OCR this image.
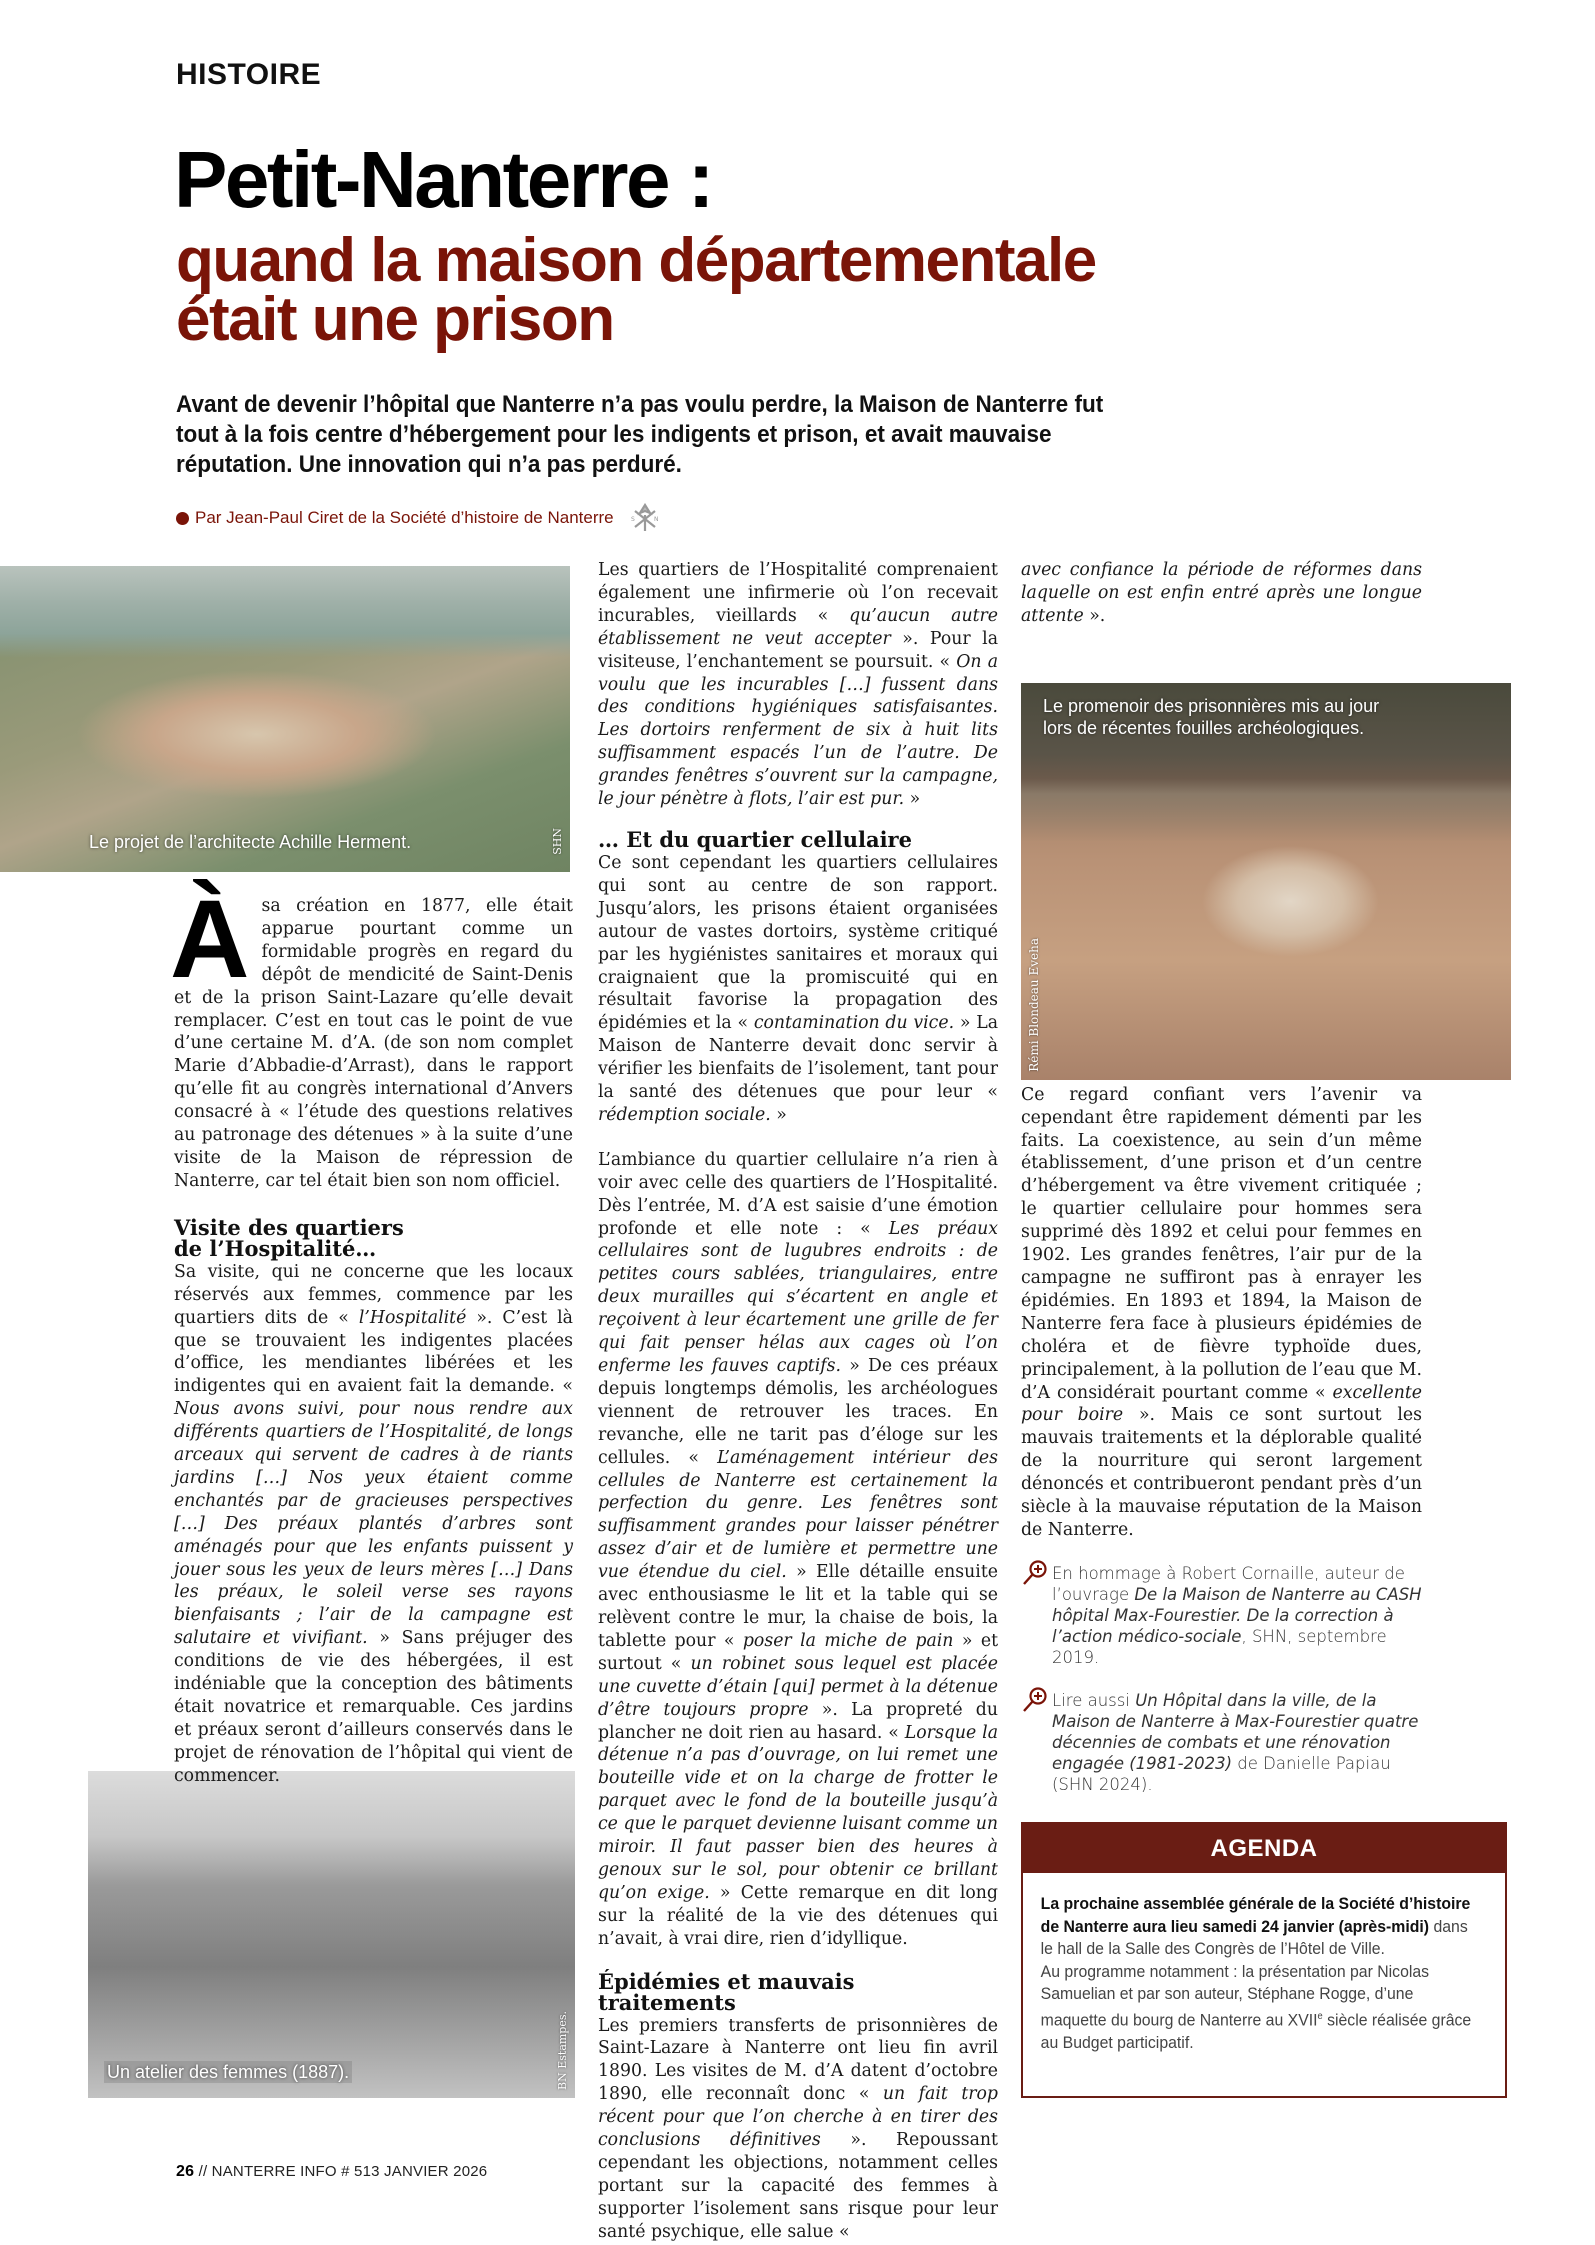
HISTOIRE
Petit-Nanterre :
quand la maison départementale
était une prison

Avant de devenir l’hôpital que Nanterre n’a pas voulu perdre, la Maison de Nanterre fut tout à la fois centre d’hébergement pour les indigents et prison, et avait mauvaise réputation. Une innovation qui n’a pas perduré.

Par Jean-Paul Ciret de la Société d’histoire de Nanterre	S	N
Le projet de l’architecte Achille Herment.	SHN
Le promenoir des prisonnières mis au jour
lors de récentes fouilles archéologiques.
Rémi Blondeau Eveha
Un atelier des femmes (1887).	BN Estampes.

À sa création en 1877, elle était apparue pourtant comme un formidable progrès en regard du dépôt de mendicité de Saint-Denis et de la prison Saint-Lazare qu’elle devait remplacer. C’est en tout cas le point de vue d’une certaine M. d’A. (de son nom complet Marie d’Abbadie-d’Arrast), dans le rapport qu’elle fit au congrès international d’Anvers consacré à « l’étude des questions relatives au patronage des détenues » à la suite d’une visite de la Maison de répression de Nanterre, car tel était bien son nom officiel.

Visite des quartiers
de l’Hospitalité…

Sa visite, qui ne concerne que les locaux réservés aux femmes, commence par les quartiers dits de « l’Hospitalité ». C’est là que se trouvaient les indigentes placées d’office, les mendiantes libérées et les indigentes qui en avaient fait la demande. « Nous avons suivi, pour nous rendre aux différents quartiers de l’Hospitalité, de longs arceaux qui servent de cadres à de riants jardins […] Nos yeux étaient comme enchantés par de gracieuses perspectives […] Des préaux plantés d’arbres sont aménagés pour que les enfants puissent y jouer sous les yeux de leurs mères […] Dans les préaux, le soleil verse ses rayons bienfaisants ; l’air de la campagne est salutaire et vivifiant. » Sans préjuger des conditions de vie des hébergées, il est indéniable que la conception des bâtiments était novatrice et remarquable. Ces jardins et préaux seront d’ailleurs conservés dans le projet de rénovation de l’hôpital qui vient de commencer.

Les quartiers de l’Hospitalité comprenaient également une infirmerie où l’on recevait incurables, vieillards « qu’aucun autre établissement ne veut accepter ». Pour la visiteuse, l’enchantement se poursuit. « On a voulu que les incurables […] fussent dans des conditions hygiéniques satisfaisantes. Les dortoirs renferment de six à huit lits suffisamment espacés l’un de l’autre. De grandes fenêtres s’ouvrent sur la campagne, le jour pénètre à flots, l’air est pur. »

… Et du quartier cellulaire

Ce sont cependant les quartiers cellulaires qui sont au centre de son rapport. Jusqu’alors, les prisons étaient organisées autour de vastes dortoirs, système critiqué par les hygiénistes sanitaires et moraux qui craignaient que la promiscuité qui en résultait favorise la propagation des épidémies et la « contamination du vice. » La Maison de Nanterre devait donc servir à vérifier les bienfaits de l’isolement, tant pour la santé des détenues que pour leur « rédemption sociale. »

L’ambiance du quartier cellulaire n’a rien à voir avec celle des quartiers de l’Hospitalité. Dès l’entrée, M. d’A est saisie d’une émotion profonde et elle note : « Les préaux cellulaires sont de lugubres endroits : de petites cours sablées, triangulaires, entre deux murailles qui s’écartent en angle et reçoivent à leur écartement une grille de fer qui fait penser hélas aux cages où l’on enferme les fauves captifs. » De ces préaux depuis longtemps démolis, les archéologues viennent de retrouver les traces. En revanche, elle ne tarit pas d’éloge sur les cellules. « L’aménagement intérieur des cellules de Nanterre est certainement la perfection du genre. Les fenêtres sont suffisamment grandes pour laisser pénétrer assez d’air et de lumière et permettre une vue étendue du ciel. » Elle détaille ensuite avec enthousiasme le lit et la table qui se relèvent contre le mur, la chaise de bois, la tablette pour « poser la miche de pain » et surtout « un robinet sous lequel est placée une cuvette d’étain [qui] permet à la détenue d’être toujours propre ». La propreté du plancher ne doit rien au hasard. « Lorsque la détenue n’a pas d’ouvrage, on lui remet une bouteille vide et on la charge de frotter le parquet avec le fond de la bouteille jusqu’à ce que le parquet devienne luisant comme un miroir. Il faut passer bien des heures à genoux sur le sol, pour obtenir ce brillant qu’on exige. » Cette remarque en dit long sur la réalité de la vie des détenues qui n’avait, à vrai dire, rien d’idyllique.

Épidémies et mauvais traitements

Les premiers transferts de prisonnières de Saint-Lazare à Nanterre ont lieu fin avril 1890. Les visites de M. d’A datent d’octobre 1890, elle reconnaît donc « un fait trop récent pour que l’on cherche à en tirer des conclusions définitives ». Repoussant cependant les objections, notamment celles portant sur la capacité des femmes à supporter l’isolement sans risque pour leur santé psychique, elle salue «

avec confiance la période de réformes dans laquelle on est enfin entré après une longue attente ».

Ce regard confiant vers l’avenir va cependant être rapidement démenti par les faits. La coexistence, au sein d’un même établissement, d’une prison et d’un centre d’hébergement va être vivement critiquée ; le quartier cellulaire pour hommes sera supprimé dès 1892 et celui pour femmes en 1902. Les grandes fenêtres, l’air pur de la campagne ne suffiront pas à enrayer les épidémies. En 1893 et 1894, la Maison de Nanterre fera face à plusieurs épidémies de choléra et de fièvre typhoïde dues, principalement, à la pollution de l’eau que M. d’A considérait pourtant comme « excellente pour boire ». Mais ce sont surtout les mauvais traitements et la déplorable qualité de la nourriture qui seront largement dénoncés et contribueront pendant près d’un siècle à la mauvaise réputation de la Maison de Nanterre.

En hommage à Robert Cornaille, auteur de l’ouvrage De la Maison de Nanterre au CASH hôpital Max-Fourestier. De la correction à l’action médico-sociale, SHN, septembre 2019.
Lire aussi Un Hôpital dans la ville, de la Maison de Nanterre à Max-Fourestier quatre décennies de combats et une rénovation engagée (1981-2023) de Danielle Papiau (SHN 2024).
AGENDA
La prochaine assemblée générale de la Société d’histoire de Nanterre aura lieu samedi 24 janvier (après-midi) dans le hall de la Salle des Congrès de l’Hôtel de Ville.
Au programme notamment : la présentation par Nicolas Samuelian et par son auteur, Stéphane Rogge, d’une maquette du bourg de Nanterre au XVIIe siècle réalisée grâce au Budget participatif.
26 // NANTERRE INFO # 513 JANVIER 2026
